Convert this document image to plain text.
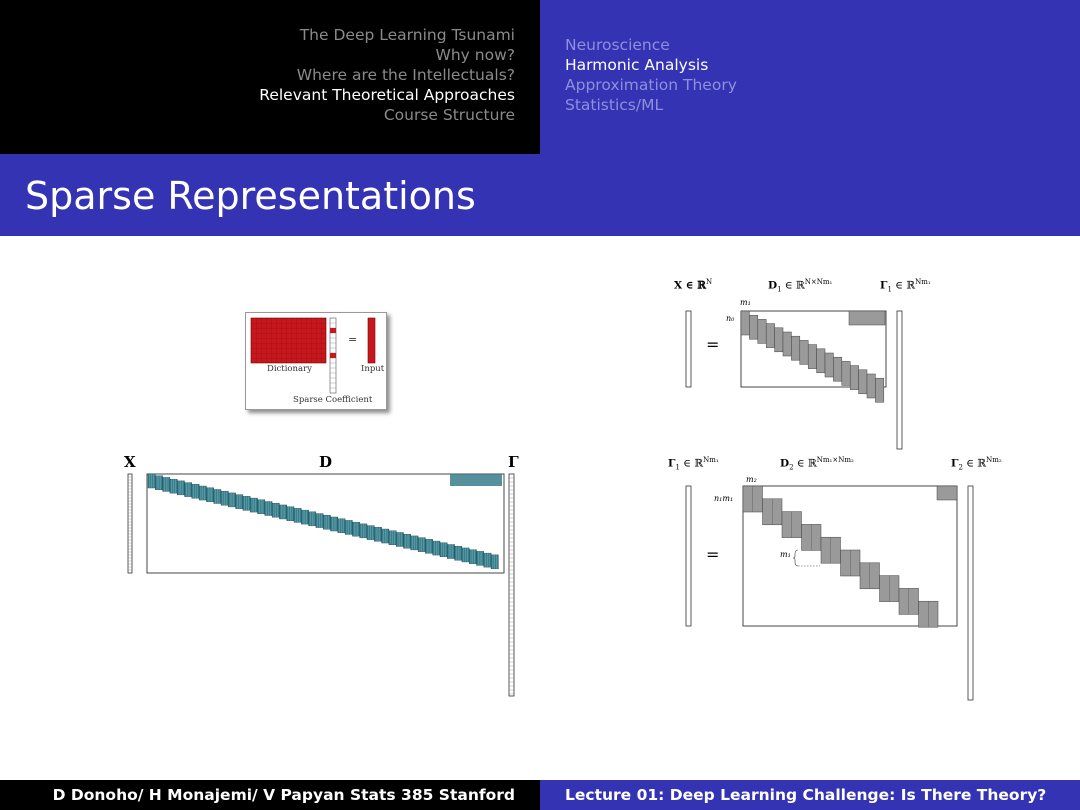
The Deep Learning Tsunami
Why now?
Where are the Intellectuals?
Relevant Theoretical Approaches
Course Structure
Neuroscience
Harmonic Analysis
Approximation Theory
Statistics/ML
Sparse Representations
=
Dictionary	Input
Sparse Coefficient
X	D	Γ
X ∈ ℝ$^N$	$D_1$ ∈ ℝ$^{N\times Nm_1}$	$\Gamma_1$ ∈ ℝ$^{Nm_1}$
m₁
n₀
=
$\Gamma_1$ ∈ ℝ$^{Nm_1}$	$D_2$ ∈ ℝ$^{Nm_1\times Nm_2}$	$\Gamma_2$ ∈ ℝ$^{Nm_2}$
m₂
n₁m₁
m₁
=
D Donoho/ H Monajemi/ V Papyan Stats 385 Stanford	Lecture 01: Deep Learning Challenge: Is There Theory?
